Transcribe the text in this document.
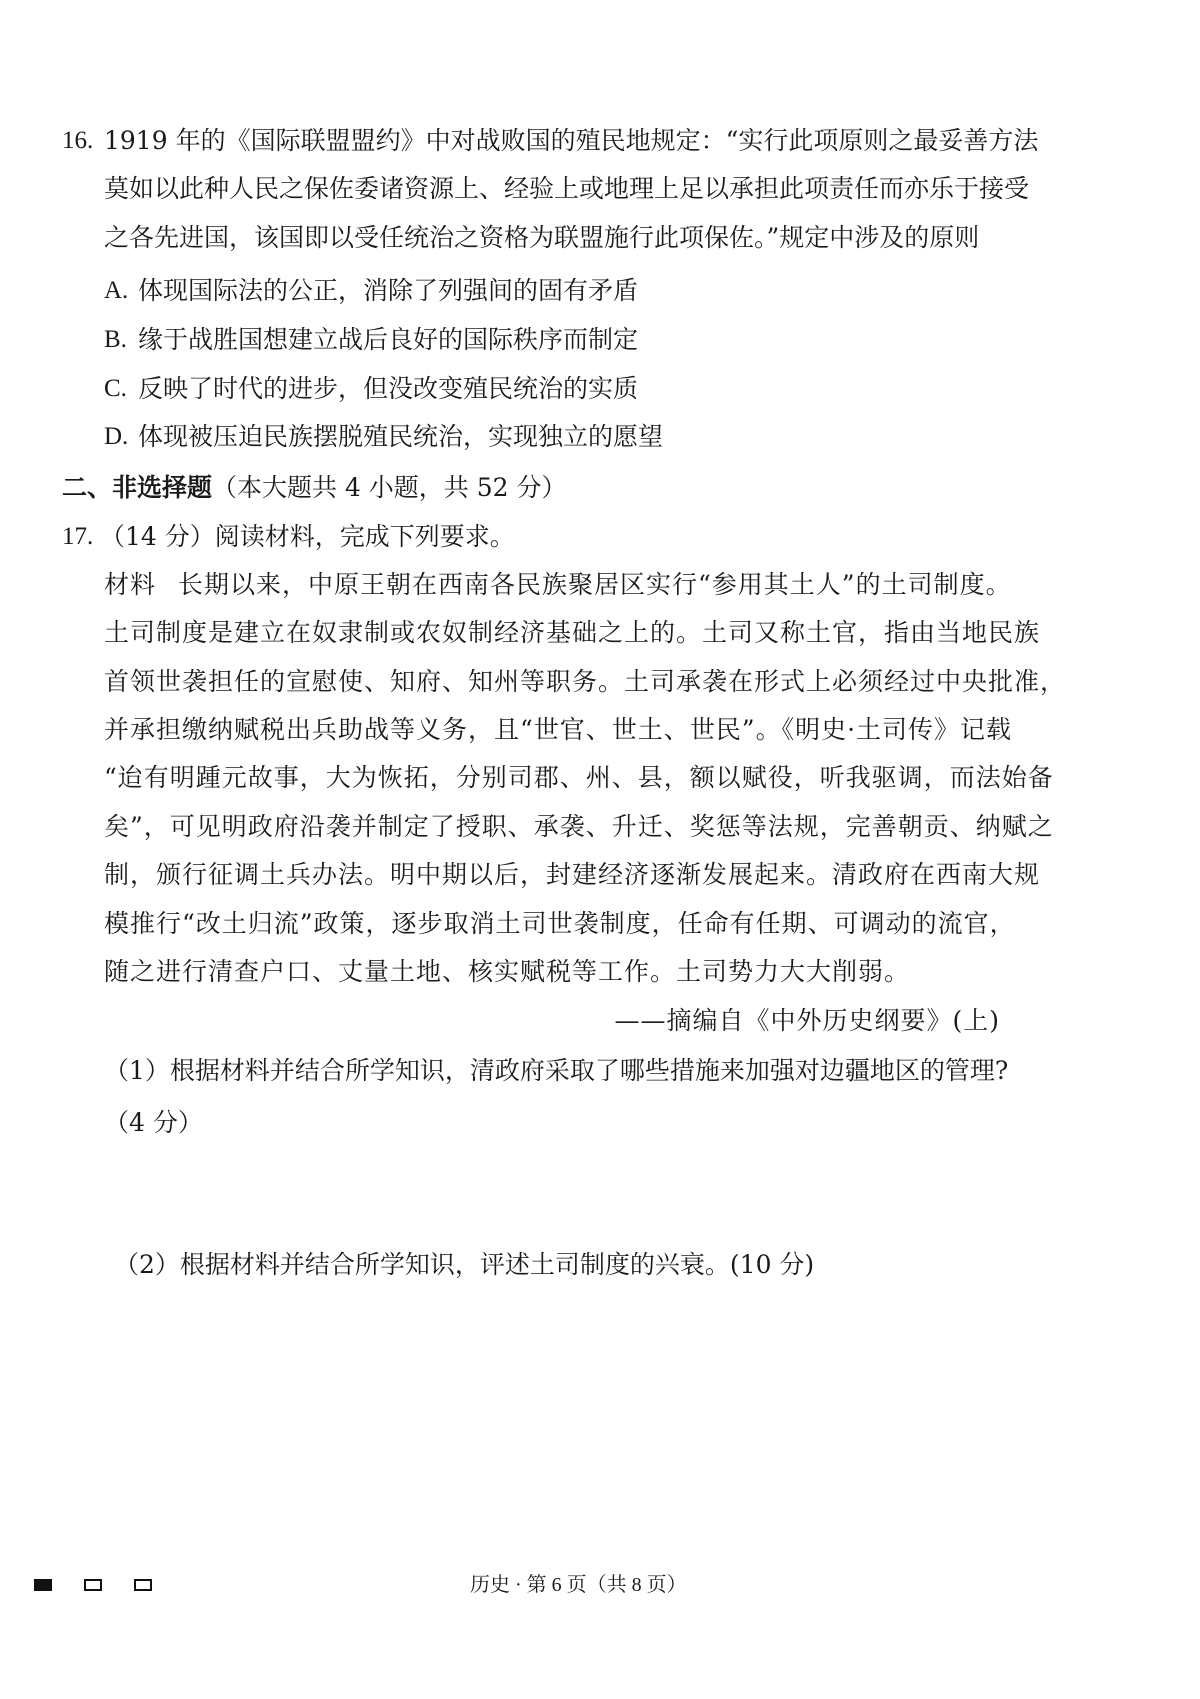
16. 1919 年的《国际联盟盟约》中对战败国的殖民地规定：“实行此项原则之最妥善方法
莫如以此种人民之保佐委诸资源上、经验上或地理上足以承担此项责任而亦乐于接受
之各先进国，该国即以受任统治之资格为联盟施行此项保佐。”规定中涉及的原则
A. 体现国际法的公正，消除了列强间的固有矛盾
B. 缘于战胜国想建立战后良好的国际秩序而制定
C. 反映了时代的进步，但没改变殖民统治的实质
D. 体现被压迫民族摆脱殖民统治，实现独立的愿望
二、非选择题 （本大题共 4 小题，共 52 分）
17. （14 分）阅读材料，完成下列要求。
材料 长期以来，中原王朝在西南各民族聚居区实行“参用其土人”的土司制度。
土司制度是建立在奴隶制或农奴制经济基础之上的。土司又称土官，指由当地民族
首领世袭担任的宣慰使、知府、知州等职务。土司承袭在形式上必须经过中央批准，
并承担缴纳赋税出兵助战等义务，且“世官、世土、世民”。《明史·土司传》记载
“迨有明踵元故事，大为恢拓，分别司郡、州、县，额以赋役，听我驱调，而法始备
矣”，可见明政府沿袭并制定了授职、承袭、升迁、奖惩等法规，完善朝贡、纳赋之
制，颁行征调土兵办法。明中期以后，封建经济逐渐发展起来。清政府在西南大规
模推行“改土归流”政策，逐步取消土司世袭制度，任命有任期、可调动的流官，
随之进行清查户口、丈量土地、核实赋税等工作。土司势力大大削弱。
——摘编自《中外历史纲要》(上)
（1）根据材料并结合所学知识，清政府采取了哪些措施来加强对边疆地区的管理?
（4 分）
（2）根据材料并结合所学知识，评述土司制度的兴衰。(10 分)
历史 · 第 6 页（共 8 页）
